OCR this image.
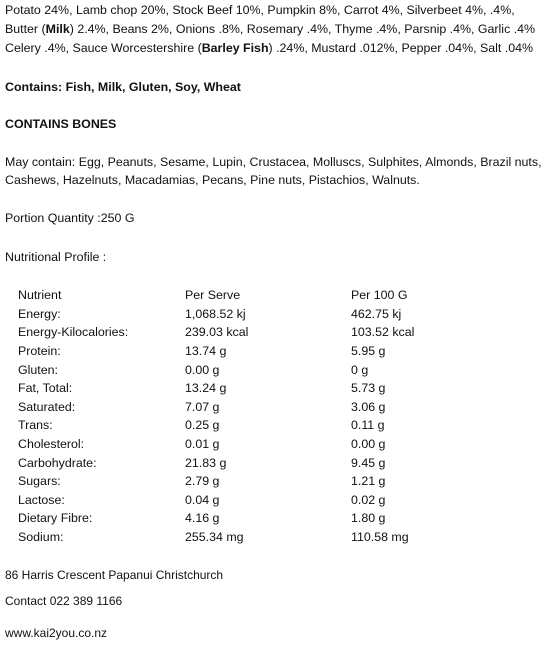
Potato 24%, Lamb chop 20%, Stock Beef 10%, Pumpkin 8%, Carrot 4%, Silverbeet 4%, .4%,
Butter (Milk) 2.4%, Beans 2%, Onions .8%, Rosemary .4%, Thyme .4%, Parsnip .4%, Garlic .4%
Celery .4%, Sauce Worcestershire (Barley Fish) .24%, Mustard .012%, Pepper .04%, Salt .04%
Contains: Fish, Milk, Gluten, Soy, Wheat
CONTAINS BONES
May contain: Egg, Peanuts, Sesame, Lupin, Crustacea, Molluscs, Sulphites, Almonds, Brazil nuts, Cashews, Hazelnuts, Macadamias, Pecans, Pine nuts, Pistachios, Walnuts.
Portion Quantity :250 G
Nutritional Profile :
Nutrient	Per Serve	Per 100 G
Energy:	1,068.52 kj	462.75 kj
Energy-Kilocalories:	239.03 kcal	103.52 kcal
Protein:	13.74 g	5.95 g
Gluten:	0.00 g	0 g
Fat, Total:	13.24 g	5.73 g
Saturated:	7.07 g	3.06 g
Trans:	0.25 g	0.11 g
Cholesterol:	0.01 g	0.00 g
Carbohydrate:	21.83 g	9.45 g
Sugars:	2.79 g	1.21 g
Lactose:	0.04 g	0.02 g
Dietary Fibre:	4.16 g	1.80 g
Sodium:	255.34 mg	110.58 mg
86 Harris Crescent Papanui Christchurch
Contact 022 389 1166
www.kai2you.co.nz
